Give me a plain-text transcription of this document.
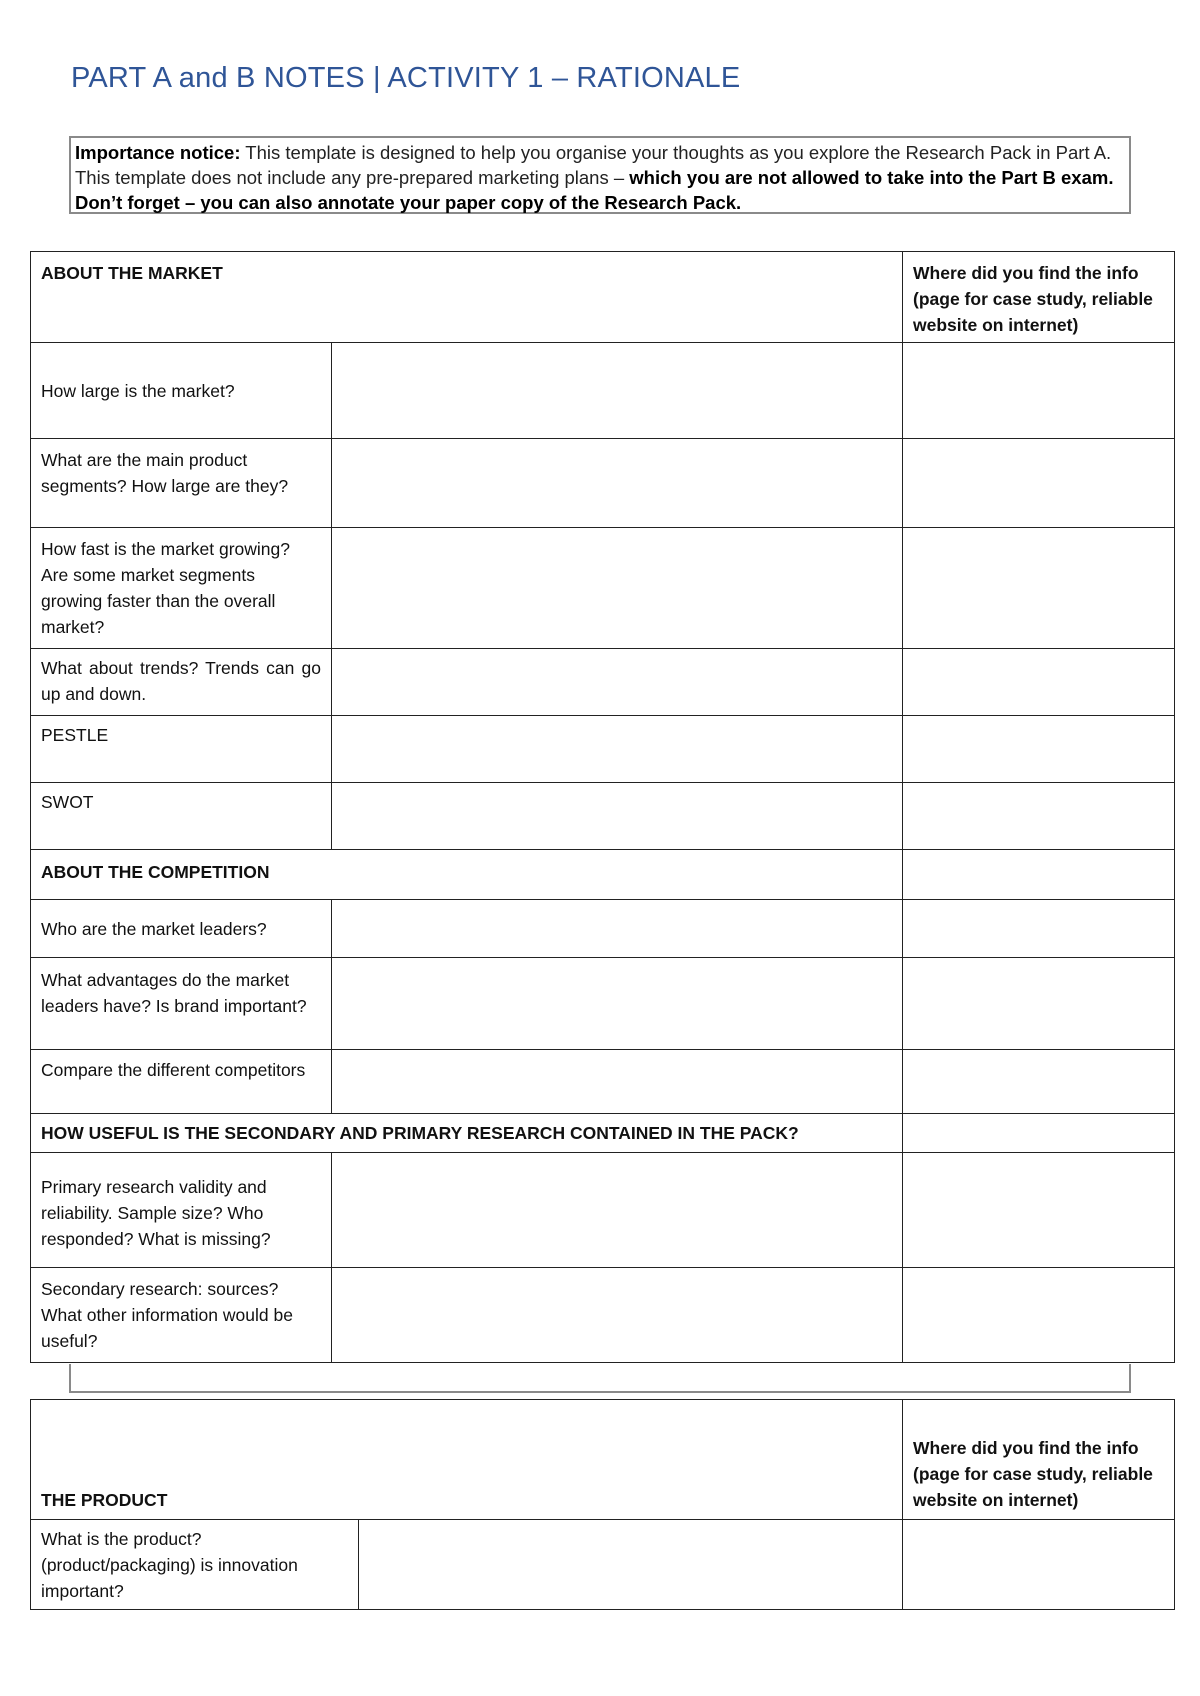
PART A and B NOTES | ACTIVITY 1 – RATIONALE
Importance notice: This template is designed to help you organise your thoughts as you explore the Research Pack in Part A. This template does not include any pre-prepared marketing plans – which you are not allowed to take into the Part B exam. Don’t forget – you can also annotate your paper copy of the Research Pack.
ABOUT THE MARKET		Where did you find the info (page for case study, reliable website on internet)
How large is the market?		
What are the main product segments? How large are they?		
How fast is the market growing? Are some market segments growing faster than the overall market?		
What about trends? Trends can go up and down.		
PESTLE		
SWOT		
ABOUT THE COMPETITION		
Who are the market leaders?		
What advantages do the market leaders have? Is brand important?		
Compare the different competitors		
HOW USEFUL IS THE SECONDARY AND PRIMARY RESEARCH CONTAINED IN THE PACK?		
Primary research validity and reliability. Sample size? Who responded? What is missing?		
Secondary research: sources? What other information would be useful?		
THE PRODUCT		Where did you find the info (page for case study, reliable website on internet)
What is the product? (product/packaging) is innovation important?		
